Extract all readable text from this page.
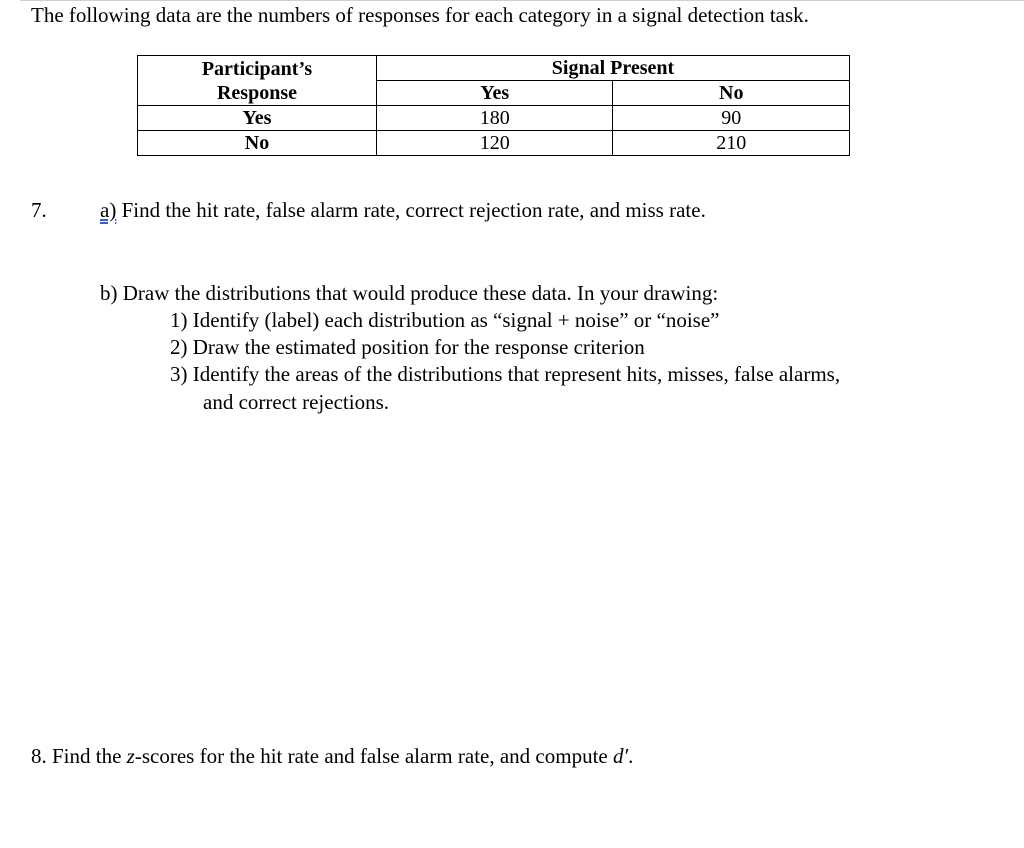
The following data are the numbers of responses for each category in a signal detection task.
Participant’s
Response	Signal Present	
	Yes	No
Yes	180	90
No	120	210
7.	a) Find the hit rate, false alarm rate, correct rejection rate, and miss rate.
b) Draw the distributions that would produce these data. In your drawing:
1) Identify (label) each distribution as “signal + noise” or “noise”
2) Draw the estimated position for the response criterion
3) Identify the areas of the distributions that represent hits, misses, false alarms,
and correct rejections.
8. Find the z-scores for the hit rate and false alarm rate, and compute d′.
